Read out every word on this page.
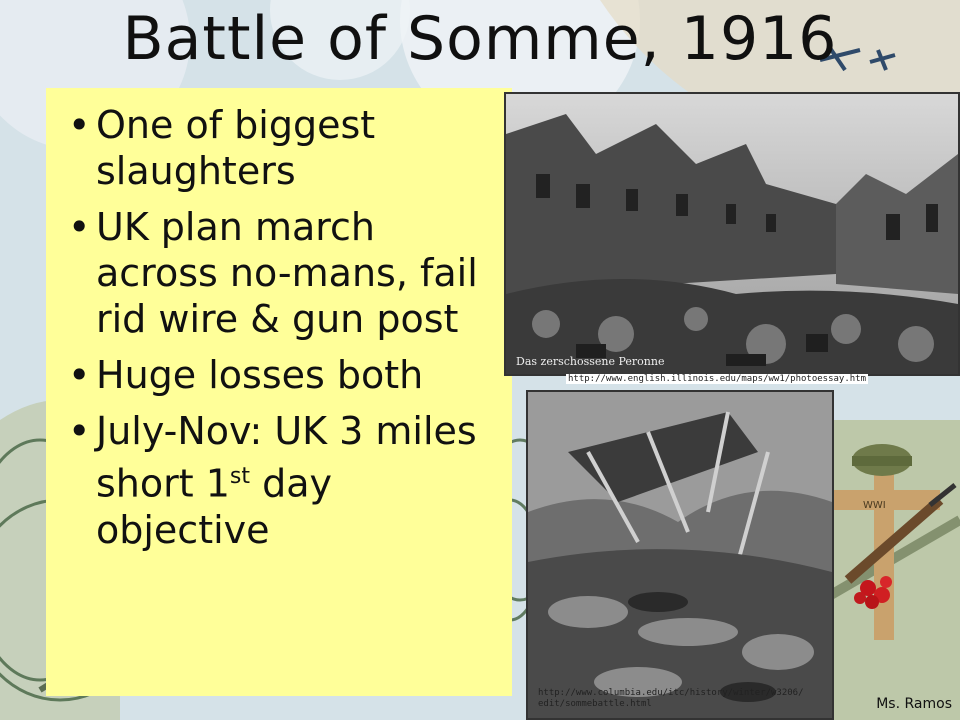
WWI
Battle of Somme, 1916
• One of biggest slaughters
• UK plan march across no-mans, fail rid wire & gun post
• Huge losses both
• July-Nov: UK 3 miles short 1st day objective
Das zerschossene Peronne
http://www.english.illinois.edu/maps/ww1/photoessay.htm
http://www.columbia.edu/itc/history/winter/w3206/edit/sommebattle.html	Ms. Ramos
